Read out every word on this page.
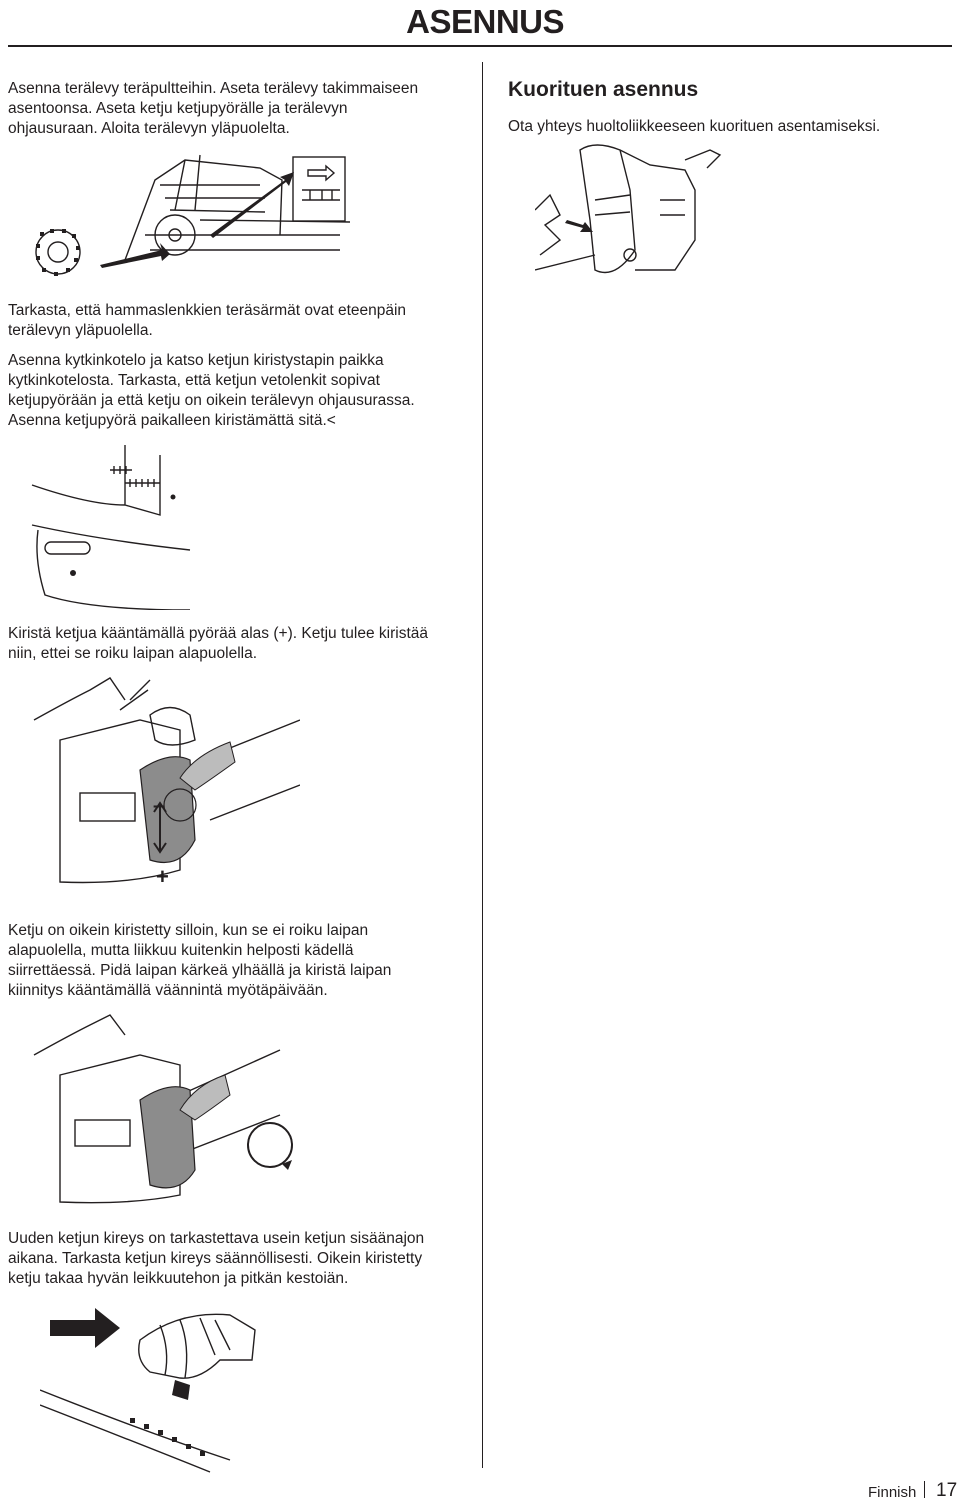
ASENNUS

Asenna terälevy teräpultteihin. Aseta terälevy takimmaiseen
asentoonsa. Aseta ketju ketjupyörälle ja terälevyn
ohjausuraan. Aloita terälevyn yläpuolelta.

Tarkasta, että hammaslenkkien teräsärmät ovat eteenpäin
terälevyn yläpuolella.

Asenna kytkinkotelo ja katso ketjun kiristystapin paikka
kytkinkotelosta. Tarkasta, että ketjun vetolenkit sopivat
ketjupyörään ja että ketju on oikein terälevyn ohjausurassa.
Asenna ketjupyörä paikalleen kiristämättä sitä.<

Kiristä ketjua kääntämällä pyörää alas (+). Ketju tulee kiristää
niin, ettei se roiku laipan alapuolella.

–
+

Ketju on oikein kiristetty silloin, kun se ei roiku laipan
alapuolella, mutta liikkuu kuitenkin helposti kädellä
siirrettäessä. Pidä laipan kärkeä ylhäällä ja kiristä laipan
kiinnitys kääntämällä väännintä myötäpäivään.

Uuden ketjun kireys on tarkastettava usein ketjun sisäänajon
aikana. Tarkasta ketjun kireys säännöllisesti. Oikein kiristetty
ketju takaa hyvän leikkuutehon ja pitkän kestoiän.

Kuorituen asennus

Ota yhteys huoltoliikkeeseen kuorituen asentamiseksi.

Finnish 17
